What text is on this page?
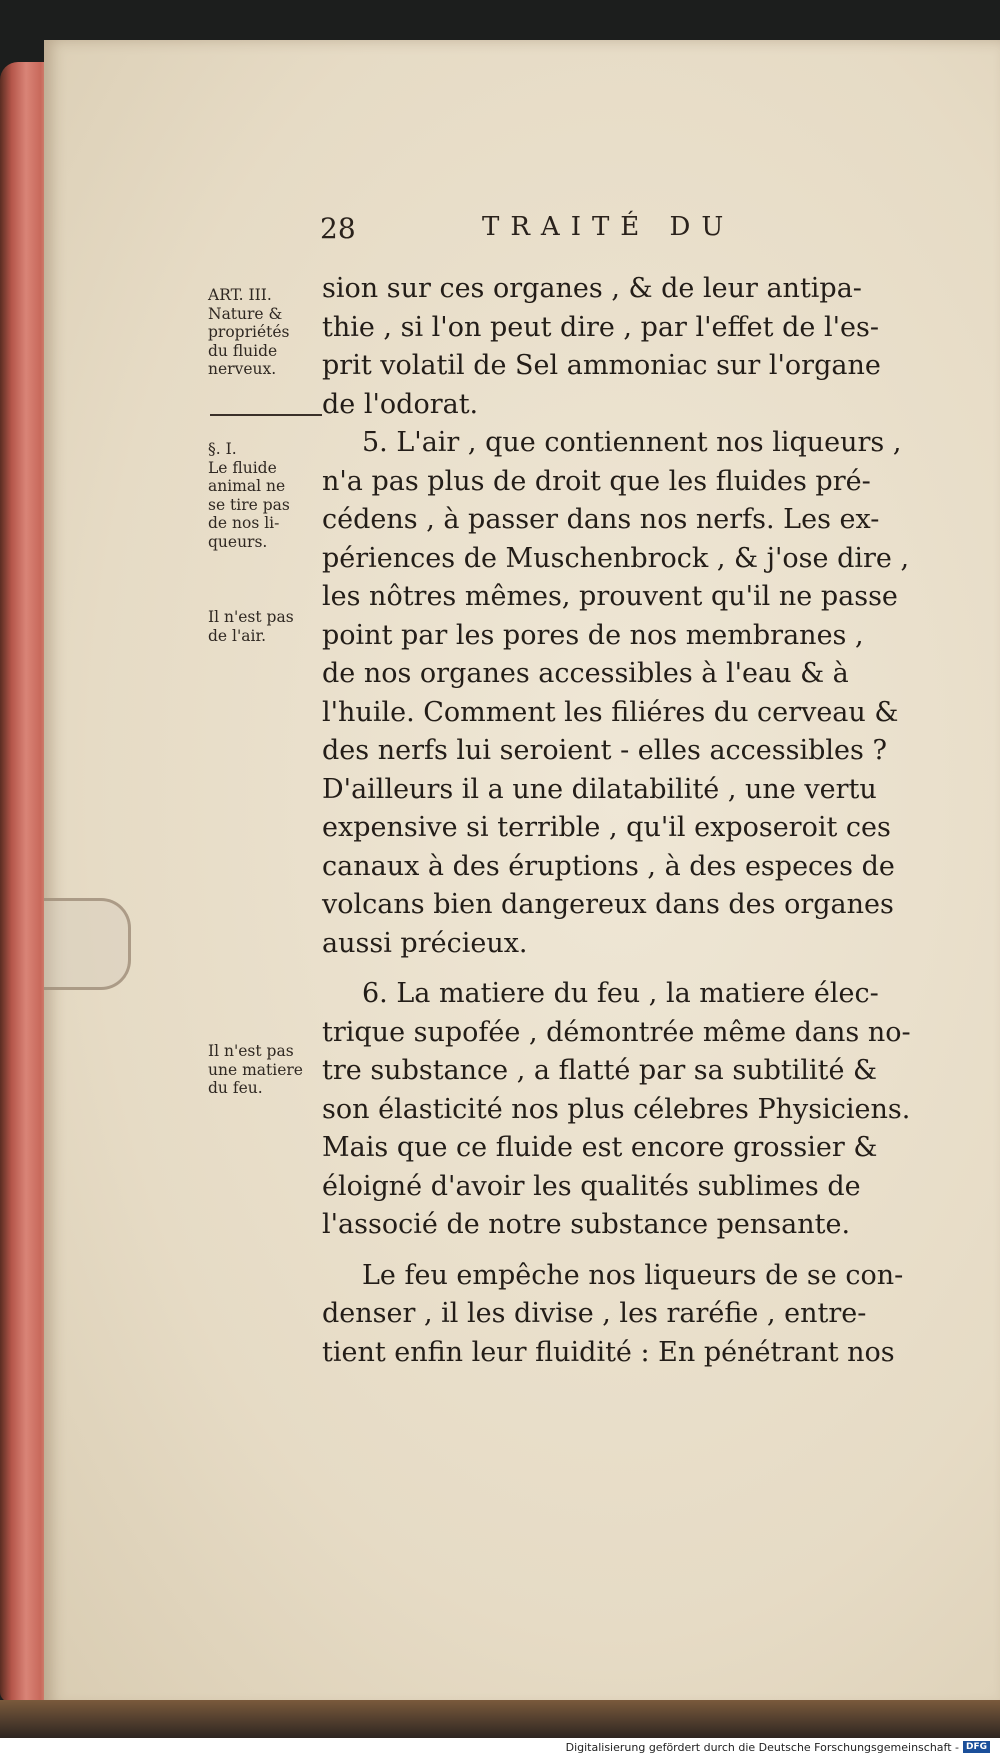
28	TRAITÉ DU
ART. III.
Nature &
propriétés
du fluide
nerveux.
§. I.
Le fluide
animal ne
se tire pas
de nos li-
queurs.
Il n'est pas
de l'air.
Il n'est pas
une matiere
du feu.
sion sur ces organes , & de leur antipa-
thie , si l'on peut dire , par l'effet de l'es-
prit volatil de Sel ammoniac sur l'organe
de l'odorat.
5. L'air , que contiennent nos liqueurs ,
n'a pas plus de droit que les fluides pré-
cédens , à passer dans nos nerfs. Les ex-
périences de Muschenbrock , & j'ose dire ,
les nôtres mêmes, prouvent qu'il ne passe
point par les pores de nos membranes ,
de nos organes accessibles à l'eau & à
l'huile. Comment les filiéres du cerveau &
des nerfs lui seroient - elles accessibles ?
D'ailleurs il a une dilatabilité , une vertu
expensive si terrible , qu'il exposeroit ces
canaux à des éruptions , à des especes de
volcans bien dangereux dans des organes
aussi précieux.
6. La matiere du feu , la matiere élec-
trique supofée , démontrée même dans no-
tre substance , a flatté par sa subtilité &
son élasticité nos plus célebres Physiciens.
Mais que ce fluide est encore grossier &
éloigné d'avoir les qualités sublimes de
l'associé de notre substance pensante.
Le feu empêche nos liqueurs de se con-
denser , il les divise , les raréfie , entre-
tient enfin leur fluidité : En pénétrant nos
Digitalisierung gefördert durch die Deutsche Forschungsgemeinschaft - DFG
